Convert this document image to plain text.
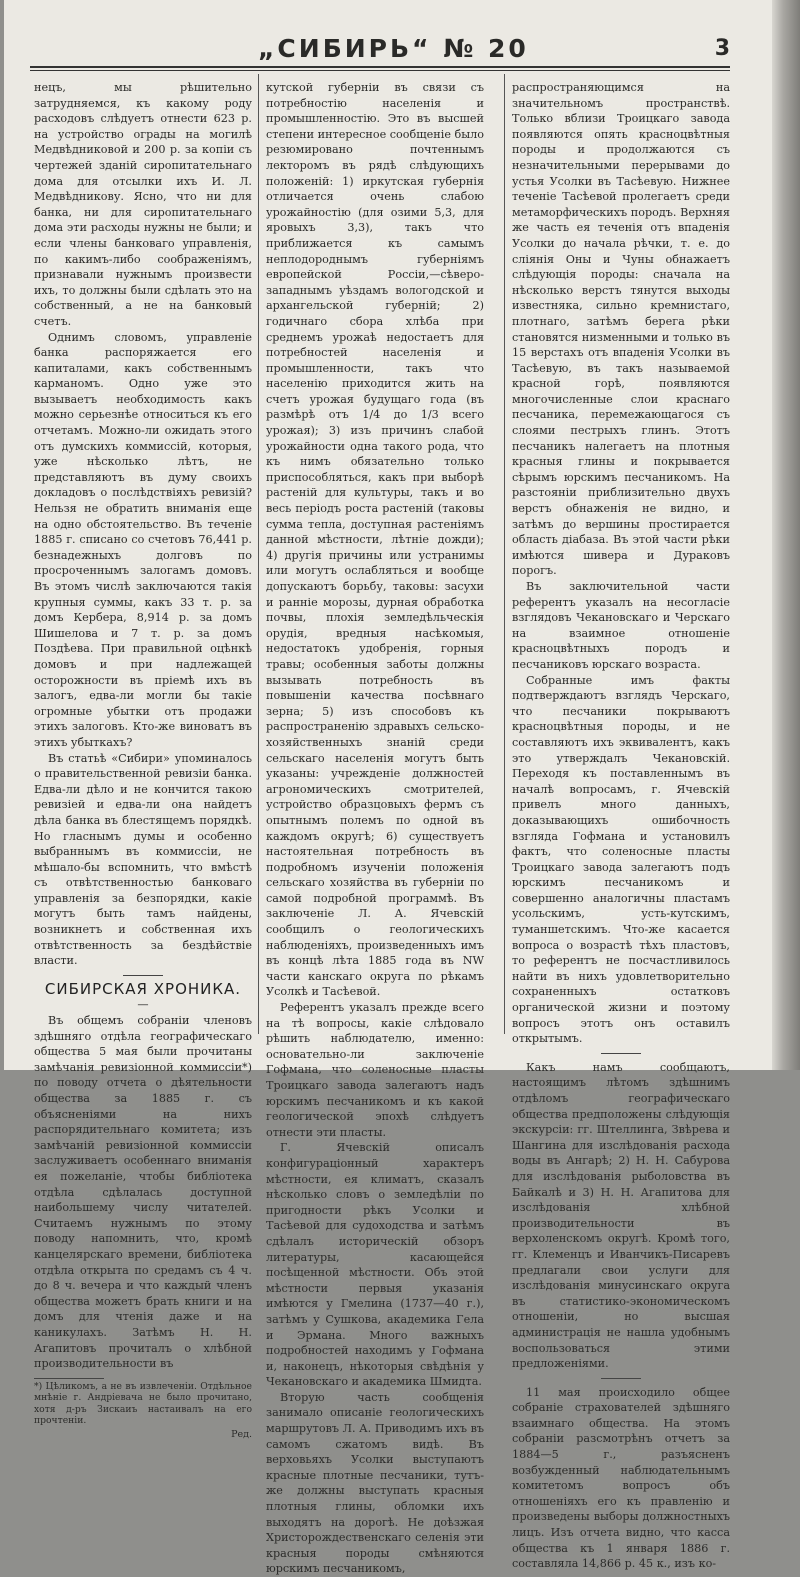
„СИБИРЬ“ № 20	3

нецъ, мы рѣшительно затрудняемся, къ какому роду расходовъ слѣдуетъ отнести 623 р. на устройство ограды на могилѣ Медвѣдниковой и 200 р. за копіи съ чертежей зданій сиропитательнаго дома для отсылки ихъ И. Л. Медвѣдникову. Ясно, что ни для банка, ни для сиропитательнаго дома эти расходы нужны не были; и если члены банковаго управленія, по какимъ-либо соображеніямъ, признавали нужнымъ произвести ихъ, то должны были сдѣлать это на собственный, а не на банковый счетъ.

Однимъ словомъ, управленіе банка распоряжается его капиталами, какъ собственнымъ карманомъ. Одно уже это вызываетъ необходимость какъ можно серьезнѣе относиться къ его отчетамъ. Можно-ли ожидать этого отъ думскихъ коммиссій, которыя, уже нѣсколько лѣтъ, не представляютъ въ думу своихъ докладовъ о послѣдствіяхъ ревизій? Нельзя не обратить вниманія еще на одно обстоятельство. Въ теченіе 1885 г. списано со счетовъ 76,441 р. безнадежныхъ долговъ по просроченнымъ залогамъ домовъ. Въ этомъ числѣ заключаются такія крупныя суммы, какъ 33 т. р. за домъ Кербера, 8,914 р. за домъ Шишелова и 7 т. р. за домъ Поздѣева. При правильной оцѣнкѣ домовъ и при надлежащей осторожности въ пріемѣ ихъ въ залогъ, едва-ли могли бы тaкіе огромные убытки отъ продажи этихъ залоговъ. Кто-же виноватъ въ этихъ убыткахъ?

Въ статьѣ «Сибири» упоминалось о правительственной ревизіи банка. Едва-ли дѣло и не кончится такою ревизіей и едва-ли она найдетъ дѣла банка въ блестящемъ порядкѣ. Но гласнымъ думы и особенно выбраннымъ въ коммиссіи, не мѣшало-бы вспомнить, что вмѣстѣ съ отвѣтственностью банковаго управленія за безпорядки, какіе могутъ быть тамъ найдены, возникнетъ и собственная ихъ отвѣтственность за бездѣйствіе власти.

СИБИРСКАЯ ХРОНИКА.

—

Въ общемъ собраніи членовъ здѣшняго отдѣла географическаго общества 5 мая были прочитаны замѣчанія ревизіонной коммиссіи*) по поводу отчета о дѣятельности общества за 1885 г. съ объясненіями на нихъ распорядительнаго комитета; изъ замѣчаній ревизіонной коммиссіи заслуживаетъ особеннаго вниманія ея пожеланіе, чтобы библіотека отдѣла сдѣлалась доступной наибольшему числу читателей. Считаемъ нужнымъ по этому поводу напомнить, что, кромѣ канцелярскаго времени, библіотека отдѣла открыта по средамъ съ 4 ч. до 8 ч. вечера и что каждый членъ общества можетъ брать книги и на домъ для чтенія даже и на каникулахъ. Затѣмъ Н. Н. Агапитовъ прочиталъ о хлѣбной производительности въ

*) Цѣликомъ, а не въ извлеченіи. Отдѣльное мнѣніе г. Андріевача не было прочитано, хотя д-ръ Зискаиъ настаивалъ на его прочтеніи.

Ред.

кутской губерніи въ связи съ потребностію населенія и промышленностію. Это въ высшей степени интересное сообщеніе было резюмировано почтеннымъ лекторомъ въ рядѣ слѣдующихъ положеній: 1) иркутская губернія отличается очень слабою урожайностію (для озими 5,3, для яровыхъ 3,3), такъ что приближается къ самымъ неплодороднымъ губерніямъ европейской Россіи,—сѣверо-западнымъ уѣздамъ вологодской и архангельской губерній; 2) годичнаго сбора хлѣба при среднемъ урожаѣ недостаетъ для потребностей населенія и промышленности, такъ что населенію приходится жить на счетъ урожая будущаго года (въ размѣрѣ отъ 1/4 до 1/3 всего урожая); 3) изъ причинъ слабой урожайности одна такого рода, что къ нимъ обязательно только приспособляться, какъ при выборѣ растеній для культуры, такъ и во весь періодъ роста растеній (таковы сумма тепла, доступная растеніямъ данной мѣстности, лѣтніе дожди); 4) другія причины или устранимы или могутъ ослабляться и вообще допускаютъ борьбу, таковы: засухи и ранніе морозы, дурная обработка почвы, плохія земледѣльческія орудія, вредныя насѣкомыя, недостатокъ удобренія, горныя травы; особенныя заботы должны вызывать потребность въ повышеніи качества посѣвнаго зерна; 5) изъ способовъ къ распространенію здравыхъ сельско-хозяйственныхъ знаній среди сельскаго населенія могутъ быть указаны: учрежденіе должностей агрономическихъ смотрителей, устройство образцовыхъ фермъ съ опытнымъ полемъ по одной въ каждомъ округѣ; 6) существуетъ настоятельная потребность въ подробномъ изученіи положенія сельскаго хозяйства въ губерніи по самой подробной программѣ. Въ заключеніе Л. А. Ячевскій сообщилъ о геологическихъ наблюденіяхъ, произведенныхъ имъ въ концѣ лѣта 1885 года въ NW части канскаго округа по рѣкамъ Усолкѣ и Тасѣевой.

Референтъ указалъ прежде всего на тѣ вопросы, какіе слѣдовало рѣшить наблюдателю, именно: основательно-ли заключеніе Гофмана, что соленосные пласты Троицкаго завода залегаютъ надъ юрскимъ песчаникомъ и къ какой геологической эпохѣ слѣдуетъ отнести эти пласты.

Г. Ячевскій описалъ конфигураціонный характеръ мѣстности, ея климатъ, сказалъ нѣсколько словъ о земледѣліи по пригодности рѣкъ Усолки и Тасѣевой для судоходства и затѣмъ сдѣлалъ историческій обзоръ литературы, касающейся посѣщенной мѣстности. Объ этой мѣстности первыя указанія имѣются у Гмелина (1737—40 г.), затѣмъ у Сушкова, академика Гела и Эрмана. Много важныхъ подробностей находимъ у Гофмана и, наконецъ, нѣкоторыя свѣдѣнія у Чекановскаго и академика Шмидта.

Вторую часть сообщенія занимало описаніе геологическихъ маршрутовъ Л. А. Приводимъ ихъ въ самомъ сжатомъ видѣ. Въ верховьяхъ Усолки выступаютъ красные плотные песчаники, тутъ-же должны выступать красныя плотныя глины, обломки ихъ выходятъ на дорогѣ. Не доѣзжая Христорождественскаго селенія эти красныя породы смѣняются юрскимъ песчаникомъ,

распространяющимся на значительномъ пространствѣ. Только вблизи Троицкаго завода появляются опять красноцвѣтныя породы и продолжаются съ незначительными перерывами до устья Усолки въ Тасѣевую. Нижнее теченіе Тасѣевой пролегаетъ среди метаморфическихъ породъ. Верхняя же часть ея теченія отъ впаденія Усолки до начала рѣчки, т. е. до сліянія Оны и Чуны обнажаетъ слѣдующія породы: сначала на нѣсколько верстъ тянутся выходы известняка, сильно кремнистаго, плотнаго, затѣмъ берега рѣки становятся низменными и только въ 15 верстахъ отъ впаденія Усолки въ Тасѣевую, въ такъ называемой красной горѣ, появляются многочисленные слои краснаго песчаника, перемежающагося съ слоями пестрыхъ глинъ. Этотъ песчаникъ налегаетъ на плотныя красныя глины и покрывается сѣрымъ юрскимъ песчаникомъ. На разстояніи приблизительно двухъ верстъ обнаженія не видно, и затѣмъ до вершины простирается область діабаза. Въ этой части рѣки имѣются шивера и Дураковъ порогъ.

Въ заключительной части референтъ указалъ на несогласіе взглядовъ Чекановскаго и Черскаго на взаимное отношеніе красноцвѣтныхъ породъ и песчаниковъ юрскаго возраста.

Собранные имъ факты подтверждаютъ взглядъ Черскаго, что песчаники покрываютъ красноцвѣтныя породы, и не составляютъ ихъ эквивалентъ, какъ это утверждалъ Чекановскій. Переходя къ поставленнымъ въ началѣ вопросамъ, г. Ячевскій привелъ много данныхъ, доказывающихъ ошибочность взгляда Гофмана и установилъ фактъ, что соленосные пласты Троицкаго завода залегаютъ подъ юрскимъ песчаникомъ и совершенно аналогичны пластамъ усольскимъ, усть-кутскимъ, туманшетскимъ. Что-же касается вопроса о возрастѣ тѣхъ пластовъ, то референтъ не посчастливилось найти въ нихъ удовлетворительно сохраненныхъ остатковъ органической жизни и поэтому вопросъ этотъ онъ оставилъ открытымъ.

Какъ намъ сообщаютъ, настоящимъ лѣтомъ здѣшнимъ отдѣломъ географическаго общества предположены слѣдующія экскурсіи: гг. Штеллинга, Звѣрева и Шангина для изслѣдованія расхода воды въ Ангарѣ; 2) Н. Н. Сабурова для изслѣдованія рыболовства въ Байкалѣ и 3) Н. Н. Агапитова для изслѣдованія хлѣбной производительности въ верхоленскомъ округѣ. Кромѣ того, гг. Клеменцъ и Иванчикъ-Писаревъ предлагали свои услуги для изслѣдованія минусинскаго округа въ статистико-экономическомъ отношеніи, но высшая администрація не нашла удобнымъ воспользоваться этими предложеніями.

11 мая происходило общее собраніе страхователей здѣшняго взаимнаго общества. На этомъ собраніи разсмотрѣнъ отчетъ за 1884—5 г., разъясненъ возбужденный наблюдательнымъ комитетомъ вопросъ объ отношеніяхъ его къ правленію и произведены выборы должностныхъ лицъ. Изъ отчета видно, что касса общества къ 1 января 1886 г. составляла 14,866 р. 45 к., изъ ко-
